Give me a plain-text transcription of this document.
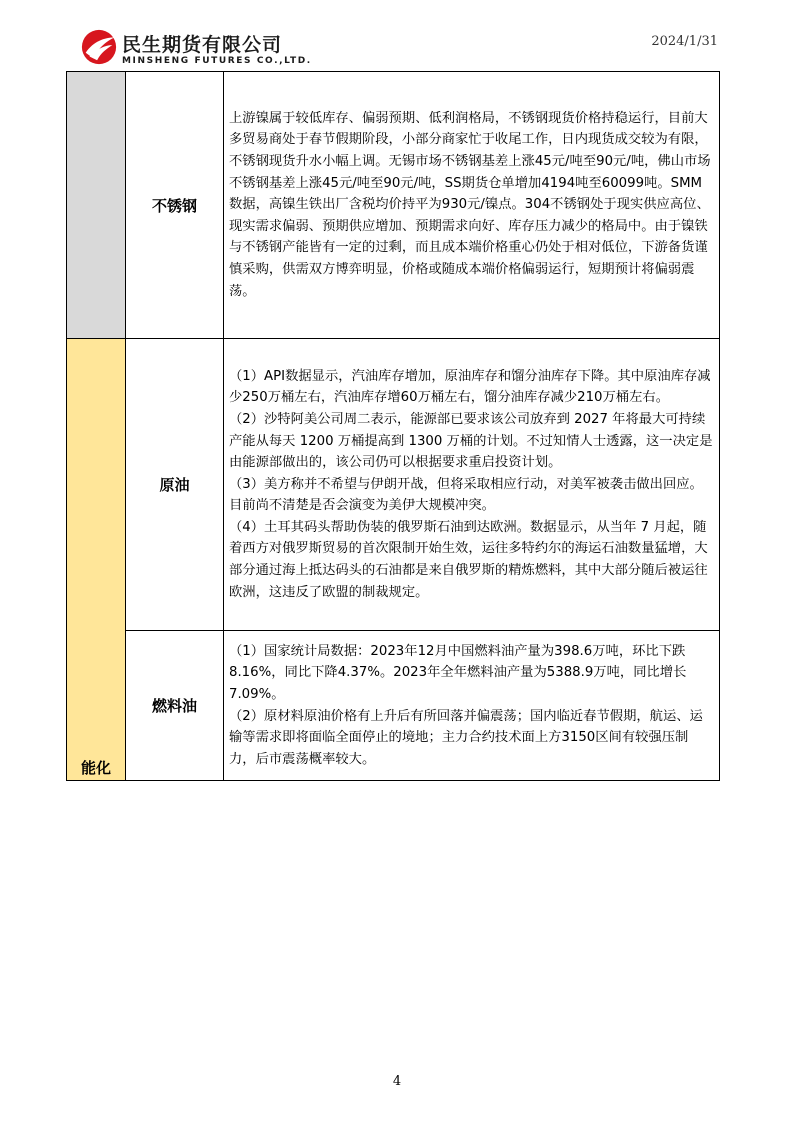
民生期货有限公司
MINSHENG FUTURES CO.,LTD.
2024/1/31
	不锈钢	上游镍属于较低库存、偏弱预期、低利润格局，不锈钢现货价格持稳运行，目前大多贸易商处于春节假期阶段，小部分商家忙于收尾工作，日内现货成交较为有限，不锈钢现货升水小幅上调。无锡市场不锈钢基差上涨45元/吨至90元/吨，佛山市场不锈钢基差上涨45元/吨至90元/吨，SS期货仓单增加4194吨至60099吨。SMM数据，高镍生铁出厂含税均价持平为930元/镍点。304不锈钢处于现实供应高位、现实需求偏弱、预期供应增加、预期需求向好、库存压力减少的格局中。由于镍铁与不锈钢产能皆有一定的过剩，而且成本端价格重心仍处于相对低位，下游备货谨慎采购，供需双方博弈明显，价格或随成本端价格偏弱运行，短期预计将偏弱震荡。

能化	原油	（1）API数据显示，汽油库存增加，原油库存和馏分油库存下降。其中原油库存减少250万桶左右，汽油库存增60万桶左右，馏分油库存减少210万桶左右。

（2）沙特阿美公司周二表示，能源部已要求该公司放弃到 2027 年将最大可持续产能从每天 1200 万桶提高到 1300 万桶的计划。不过知情人士透露，这一决定是由能源部做出的，该公司仍可以根据要求重启投资计划。

（3）美方称并不希望与伊朗开战，但将采取相应行动，对美军被袭击做出回应。目前尚不清楚是否会演变为美伊大规模冲突。

（4）土耳其码头帮助伪装的俄罗斯石油到达欧洲。数据显示，从当年 7 月起，随着西方对俄罗斯贸易的首次限制开始生效，运往多特约尔的海运石油数量猛增，大部分通过海上抵达码头的石油都是来自俄罗斯的精炼燃料，其中大部分随后被运往欧洲，这违反了欧盟的制裁规定。

	燃料油	（1）国家统计局数据：2023年12月中国燃料油产量为398.6万吨，环比下跌8.16%，同比下降4.37%。2023年全年燃料油产量为5388.9万吨，同比增长7.09%。

（2）原材料原油价格有上升后有所回落并偏震荡；国内临近春节假期，航运、运输等需求即将面临全面停止的境地；主力合约技术面上方3150区间有较强压制力，后市震荡概率较大。

4
